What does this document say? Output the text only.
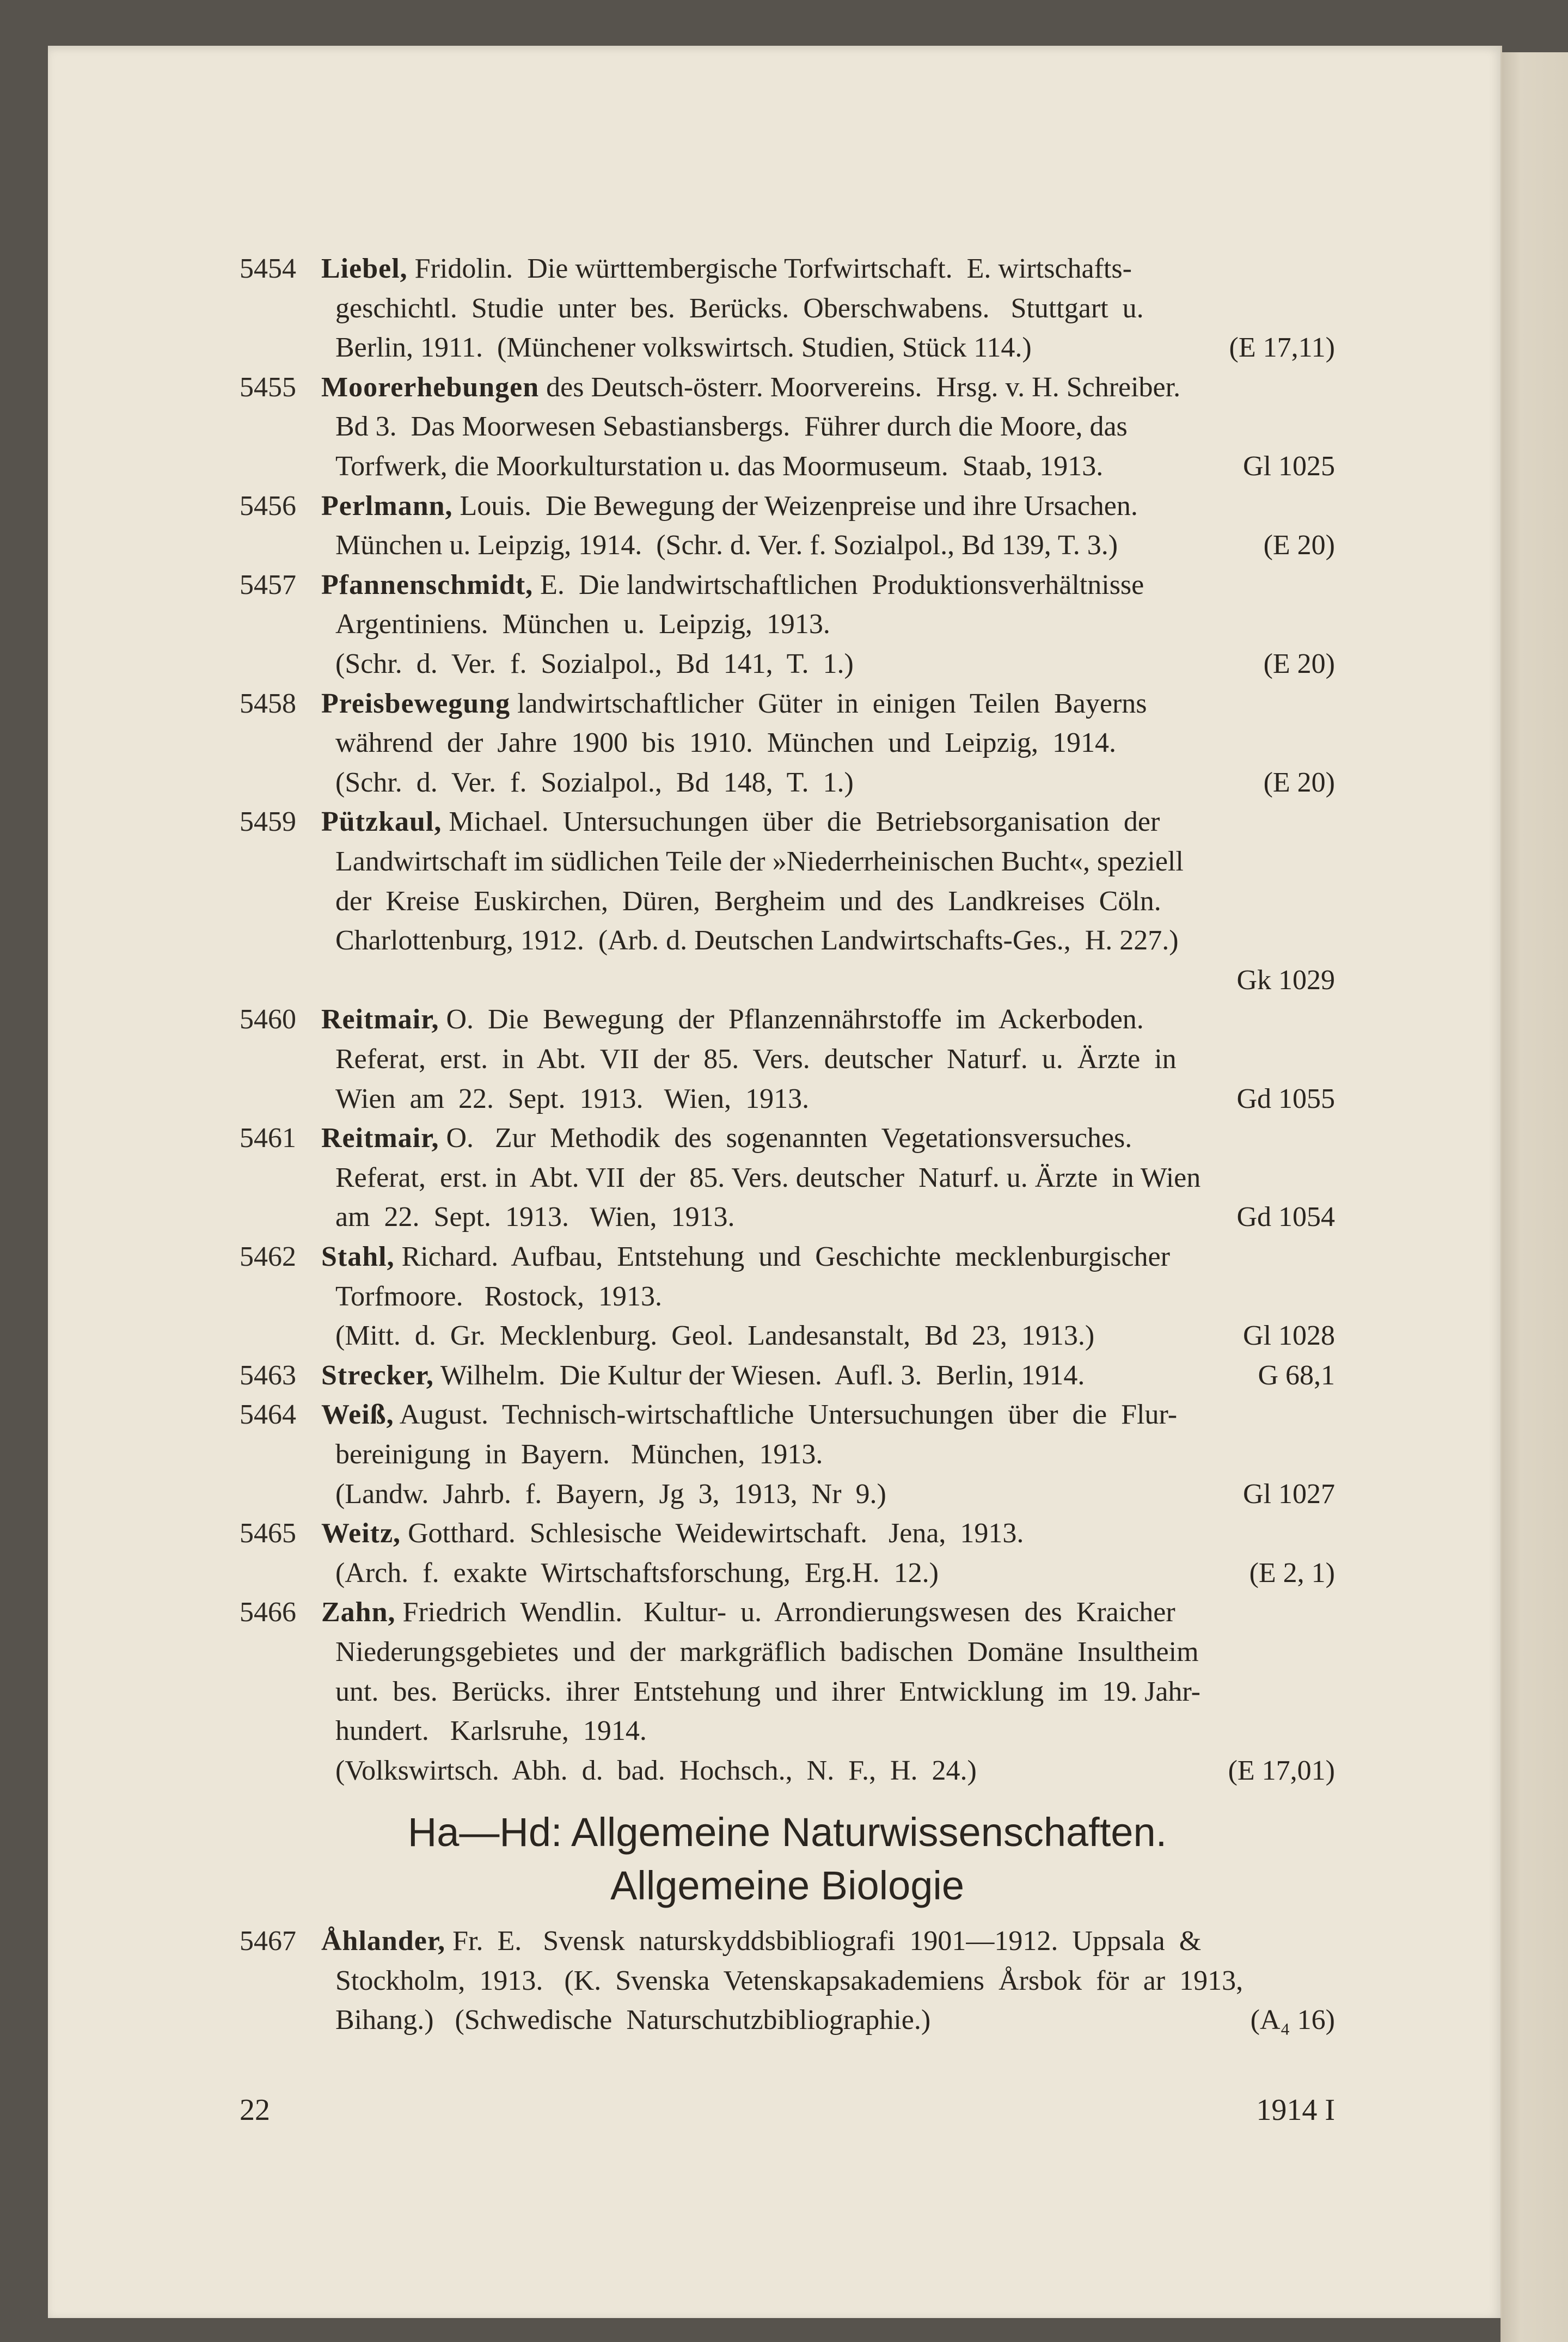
Ha—Hd: Allgemeine Naturwissenschaften.
Allgemeine Biologie
5454 Liebel, Fridolin.  Die württembergische Torfwirtschaft.  E. wirtschafts-
geschichtl.  Studie  unter  bes.  Berücks.  Oberschwabens.   Stuttgart  u.
Berlin, 1911.  (Münchener volkswirtsch. Studien, Stück 114.)	(E 17,11)
5455 Moorerhebungen des Deutsch-österr. Moorvereins.  Hrsg. v. H. Schreiber.
Bd 3.  Das Moorwesen Sebastiansbergs.  Führer durch die Moore, das
Torfwerk, die Moorkulturstation u. das Moormuseum.  Staab, 1913.	Gl 1025
5456 Perlmann, Louis.  Die Bewegung der Weizenpreise und ihre Ursachen.
München u. Leipzig, 1914.  (Schr. d. Ver. f. Sozialpol., Bd 139, T. 3.)	(E 20)
5457 Pfannenschmidt, E.  Die landwirtschaftlichen  Produktionsverhältnisse
Argentiniens.  München  u.  Leipzig,  1913.
(Schr.  d.  Ver.  f.  Sozialpol.,  Bd  141,  T.  1.)	(E 20)
5458 Preisbewegung landwirtschaftlicher  Güter  in  einigen  Teilen  Bayerns
während  der  Jahre  1900  bis  1910.  München  und  Leipzig,  1914.
(Schr.  d.  Ver.  f.  Sozialpol.,  Bd  148,  T.  1.)	(E 20)
5459 Pützkaul, Michael.  Untersuchungen  über  die  Betriebsorganisation  der
Landwirtschaft im südlichen Teile der »Niederrheinischen Bucht«, speziell
der  Kreise  Euskirchen,  Düren,  Bergheim  und  des  Landkreises  Cöln.
Charlottenburg, 1912.  (Arb. d. Deutschen Landwirtschafts-Ges.,  H. 227.)
Gk 1029
5460 Reitmair, O.  Die  Bewegung  der  Pflanzennährstoffe  im  Ackerboden.
Referat,  erst.  in  Abt.  VII  der  85.  Vers.  deutscher  Naturf.  u.  Ärzte  in
Wien  am  22.  Sept.  1913.   Wien,  1913.	Gd 1055
5461 Reitmair, O.   Zur  Methodik  des  sogenannten  Vegetationsversuches.
Referat,  erst. in  Abt. VII  der  85. Vers. deutscher  Naturf. u. Ärzte  in Wien
am  22.  Sept.  1913.   Wien,  1913.	Gd 1054
5462 Stahl, Richard.  Aufbau,  Entstehung  und  Geschichte  mecklenburgischer
Torfmoore.   Rostock,  1913.
(Mitt.  d.  Gr.  Mecklenburg.  Geol.  Landesanstalt,  Bd  23,  1913.)	Gl 1028
5463 Strecker, Wilhelm.  Die Kultur der Wiesen.  Aufl. 3.  Berlin, 1914.	G 68,1
5464 Weiß, August.  Technisch-wirtschaftliche  Untersuchungen  über  die  Flur-
bereinigung  in  Bayern.   München,  1913.
(Landw.  Jahrb.  f.  Bayern,  Jg  3,  1913,  Nr  9.)	Gl 1027
5465 Weitz, Gotthard.  Schlesische  Weidewirtschaft.   Jena,  1913.
(Arch.  f.  exakte  Wirtschaftsforschung,  Erg.H.  12.)	(E 2, 1)
5466 Zahn, Friedrich  Wendlin.   Kultur-  u.  Arrondierungswesen  des  Kraicher
Niederungsgebietes  und  der  markgräflich  badischen  Domäne  Insultheim
unt.  bes.  Berücks.  ihrer  Entstehung  und  ihrer  Entwicklung  im  19. Jahr-
hundert.   Karlsruhe,  1914.
(Volkswirtsch.  Abh.  d.  bad.  Hochsch.,  N.  F.,  H.  24.)	(E 17,01)
5467 Åhlander, Fr.  E.   Svensk  naturskyddsbibliografi  1901—1912.  Uppsala  &
Stockholm,  1913.   (K.  Svenska  Vetenskapsakademiens  Årsbok  för  ar  1913,
Bihang.)   (Schwedische  Naturschutzbibliographie.)	(A₄ 16)
22	1914 I
